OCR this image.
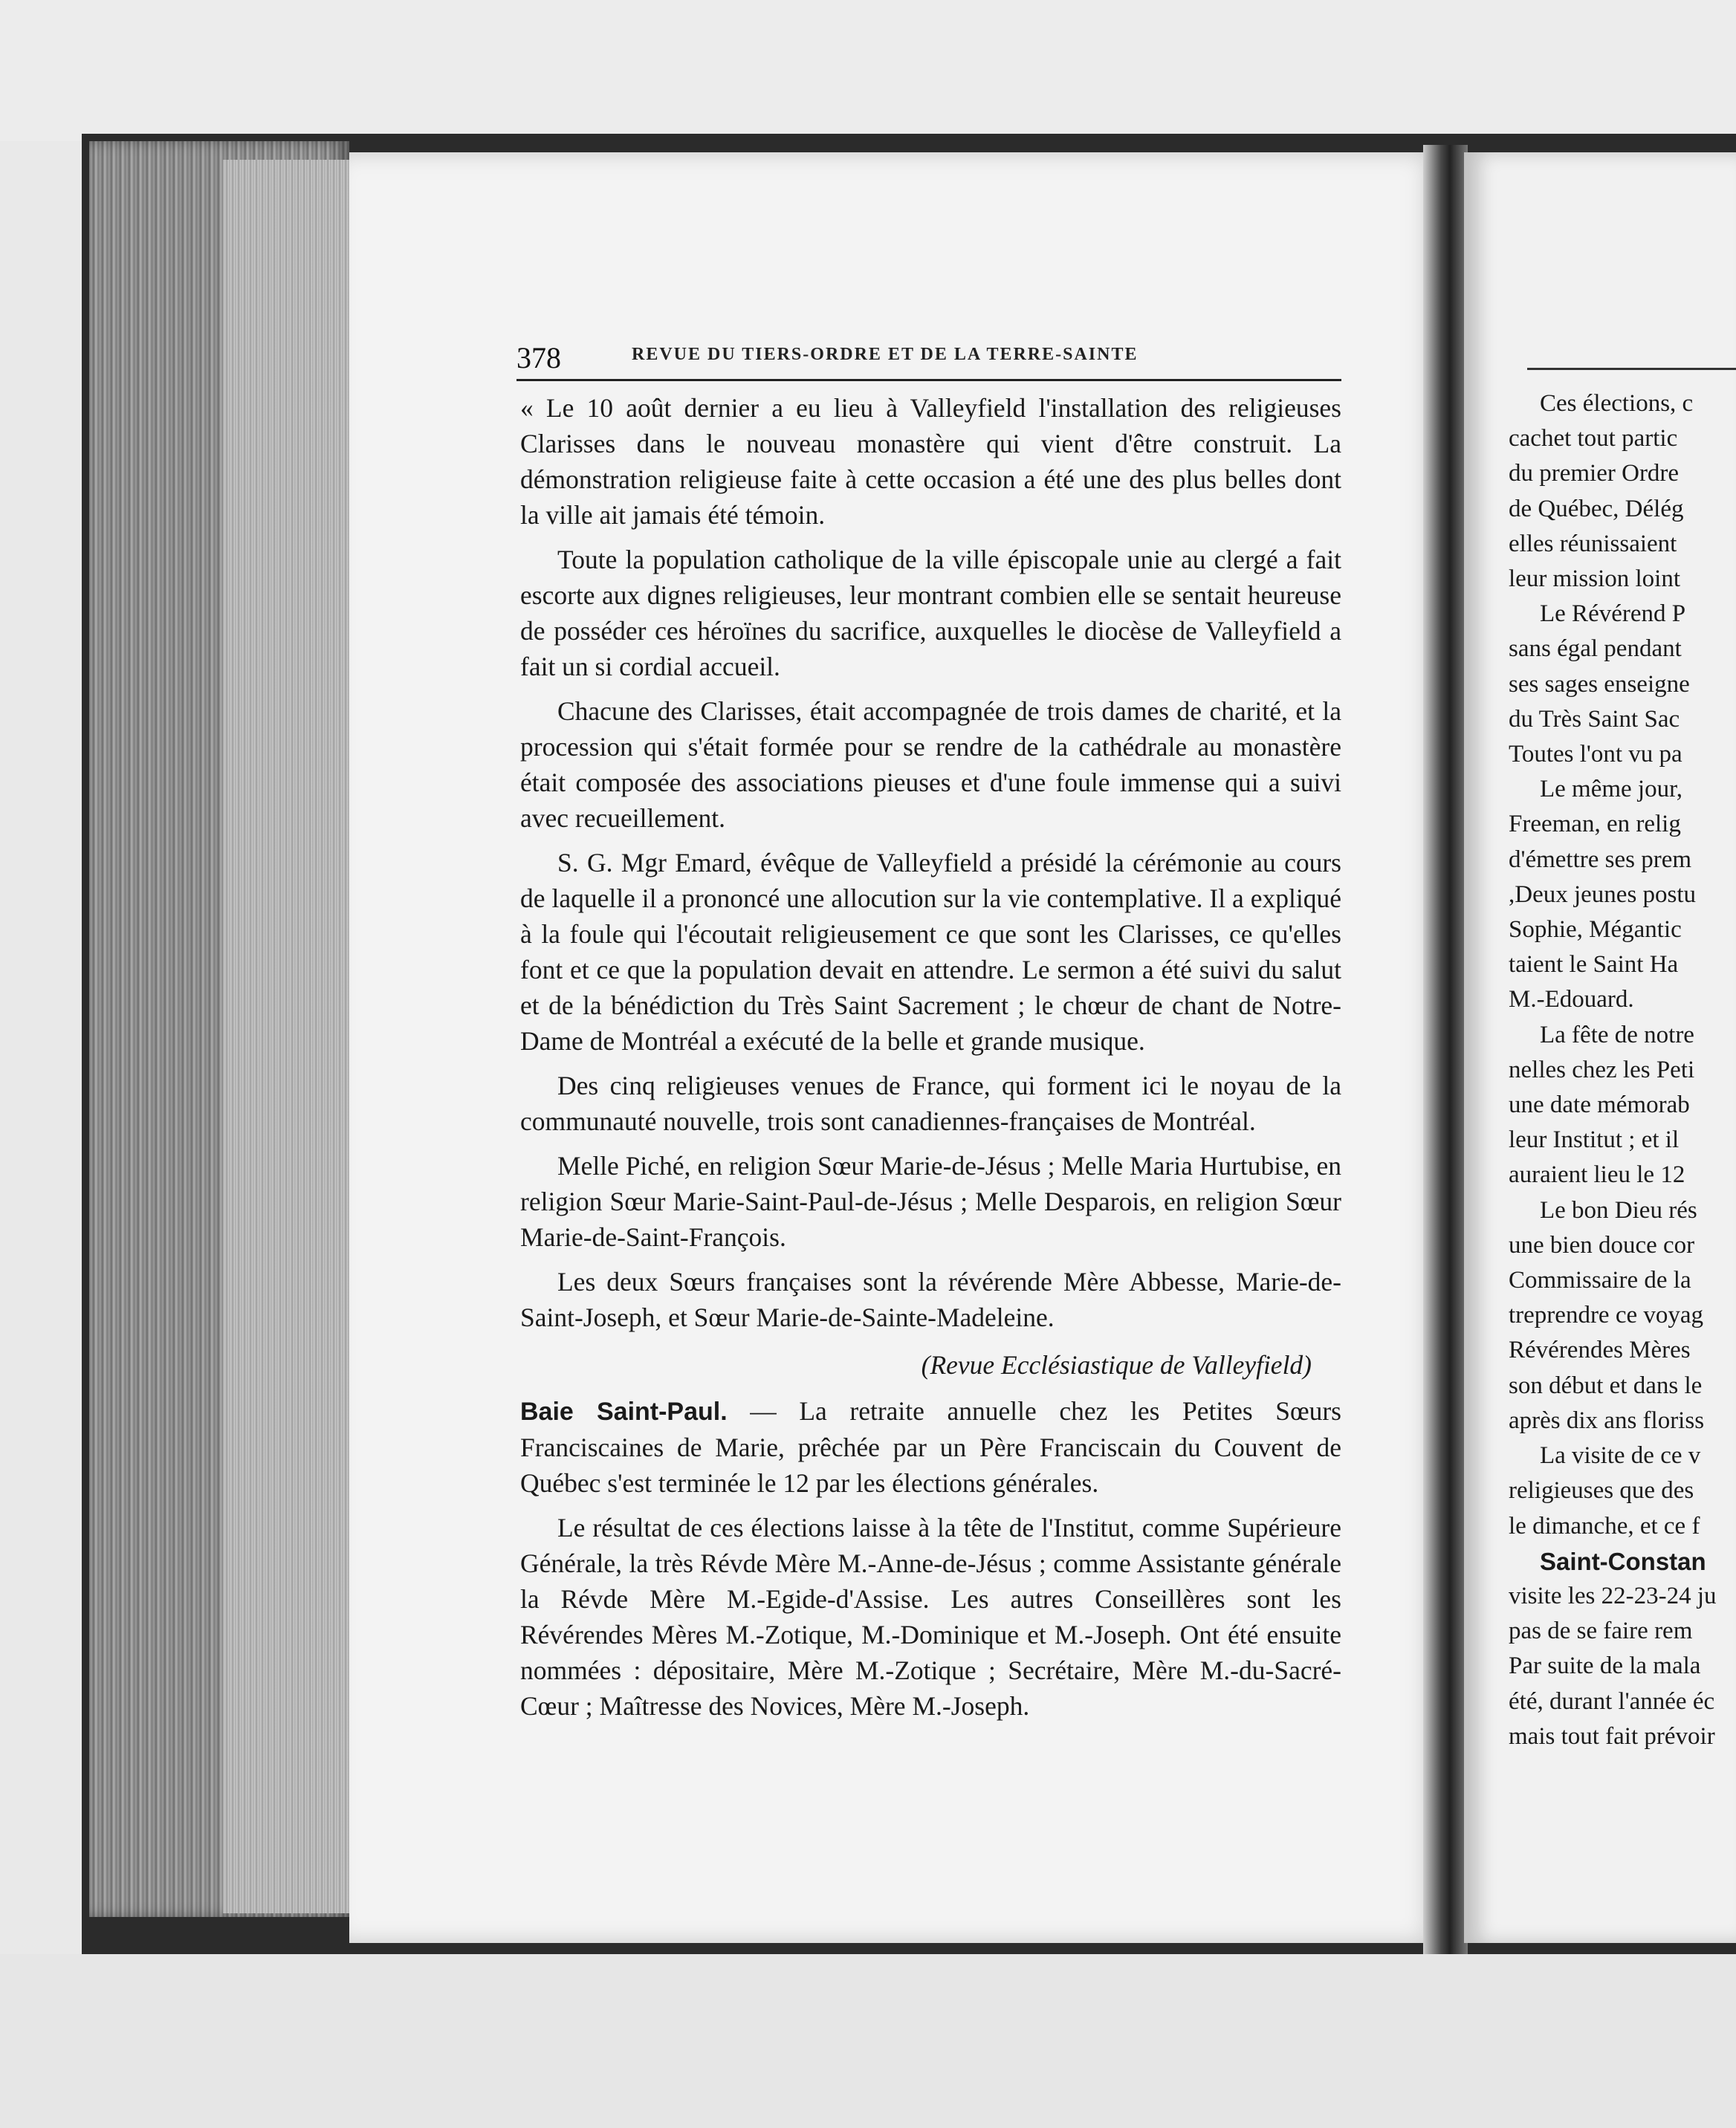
378	REVUE DU TIERS-ORDRE ET DE LA TERRE-SAINTE

« Le 10 août dernier a eu lieu à Valleyfield l'installation des religieuses Clarisses dans le nouveau monastère qui vient d'être construit. La démonstration religieuse faite à cette occasion a été une des plus belles dont la ville ait jamais été témoin.

Toute la population catholique de la ville épiscopale unie au clergé a fait escorte aux dignes religieuses, leur montrant combien elle se sentait heureuse de posséder ces héroïnes du sacrifice, auxquelles le diocèse de Valleyfield a fait un si cordial accueil.

Chacune des Clarisses, était accompagnée de trois dames de charité, et la procession qui s'était formée pour se rendre de la cathédrale au monastère était composée des associations pieuses et d'une foule immense qui a suivi avec recueillement.

S. G. Mgr Emard, évêque de Valleyfield a présidé la cérémonie au cours de laquelle il a prononcé une allocution sur la vie contemplative. Il a expliqué à la foule qui l'écoutait religieusement ce que sont les Clarisses, ce qu'elles font et ce que la population devait en attendre. Le sermon a été suivi du salut et de la bénédiction du Très Saint Sacrement ; le chœur de chant de Notre-Dame de Montréal a exécuté de la belle et grande musique.

Des cinq religieuses venues de France, qui forment ici le noyau de la communauté nouvelle, trois sont canadiennes-françaises de Montréal.

Melle Piché, en religion Sœur Marie-de-Jésus ; Melle Maria Hurtubise, en religion Sœur Marie-Saint-Paul-de-Jésus ; Melle Desparois, en religion Sœur Marie-de-Saint-François.

Les deux Sœurs françaises sont la révérende Mère Abbesse, Marie-de-Saint-Joseph, et Sœur Marie-de-Sainte-Madeleine.

(Revue Ecclésiastique de Valleyfield)

Baie Saint-Paul. — La retraite annuelle chez les Petites Sœurs Franciscaines de Marie, prêchée par un Père Franciscain du Couvent de Québec s'est terminée le 12 par les élections générales.

Le résultat de ces élections laisse à la tête de l'Institut, comme Supérieure Générale, la très Révde Mère M.-Anne-de-Jésus ; comme Assistante générale la Révde Mère M.-Egide-d'Assise. Les autres Conseillères sont les Révérendes Mères M.-Zotique, M.-Dominique et M.-Joseph. Ont été ensuite nommées : dépositaire, Mère M.-Zotique ; Secrétaire, Mère M.-du-Sacré-Cœur ; Maîtresse des Novices, Mère M.-Joseph.

Ces élections, c
cachet tout partic
du premier Ordre
de Québec, Délég
elles réunissaient
leur mission loint
Le Révérend P
sans égal pendant
ses sages enseigne
du Très Saint Sac
Toutes l'ont vu pa
Le même jour,
Freeman, en relig
d'émettre ses prem
,Deux jeunes postu
Sophie, Mégantic
taient le Saint Ha
M.-Edouard.
La fête de notre
nelles chez les Peti
une date mémorab
leur Institut ; et il
auraient lieu le 12
Le bon Dieu rés
une bien douce cor
Commissaire de la
treprendre ce voyag
Révérendes Mères
son début et dans le
après dix ans floriss
La visite de ce v
religieuses que des
le dimanche, et ce f
Saint-Constan
visite les 22-23-24 ju
pas de se faire rem
Par suite de la mala
été, durant l'année éc
mais tout fait prévoir
